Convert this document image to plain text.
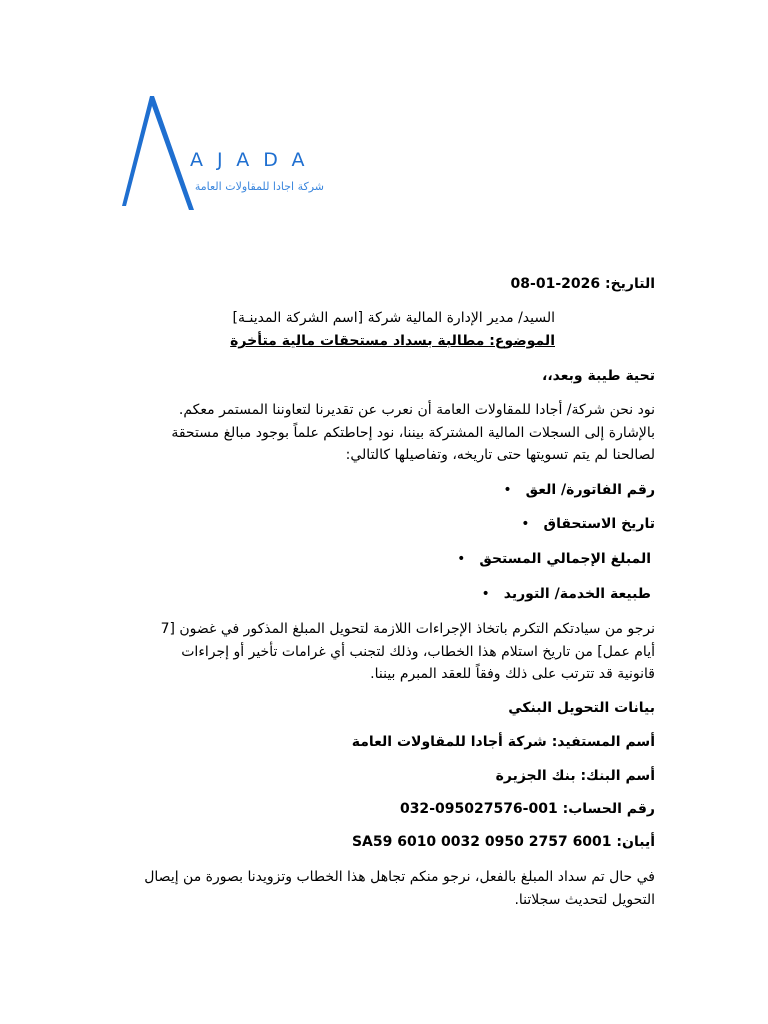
AJADA
شركة اجادا للمقاولات العامة
التاريخ: 2026-01-08
السيد/ مدير الإدارة المالية شركة [اسم الشركة المدينـة]
الموضوع: مطالبة بسداد مستحقات مالية متأخرة
تحية طيبة وبعد،،
نود نحن شركة/ أجادا للمقاولات العامة أن نعرب عن تقديرنا لتعاوننا المستمر معكم.
بالإشارة إلى السجلات المالية المشتركة بيننا، نود إحاطتكم علماً بوجود مبالغ مستحقة
لصالحنا لم يتم تسويتها حتى تاريخه، وتفاصيلها كالتالي:
رقم الفاتورة/ العق•
تاريخ الاستحقاق•
المبلغ الإجمالي المستحق•
طبيعة الخدمة/ التوريد•
نرجو من سيادتكم التكرم باتخاذ الإجراءات اللازمة لتحويل المبلغ المذكور في غضون [7
أيام عمل] من تاريخ استلام هذا الخطاب، وذلك لتجنب أي غرامات تأخير أو إجراءات
قانونية قد تترتب على ذلك وفقاً للعقد المبرم بيننا.
بيانات التحويل البنكي
أسم المستفيد: شركة أجادا للمقاولات العامة
أسم البنك: بنك الجزيرة
رقم الحساب: 001-095027576-032
أيبان: SA59 6010 0032 0950 2757 6001
في حال تم سداد المبلغ بالفعل، نرجو منكم تجاهل هذا الخطاب وتزويدنا بصورة من إيصال
التحويل لتحديث سجلاتنا.
